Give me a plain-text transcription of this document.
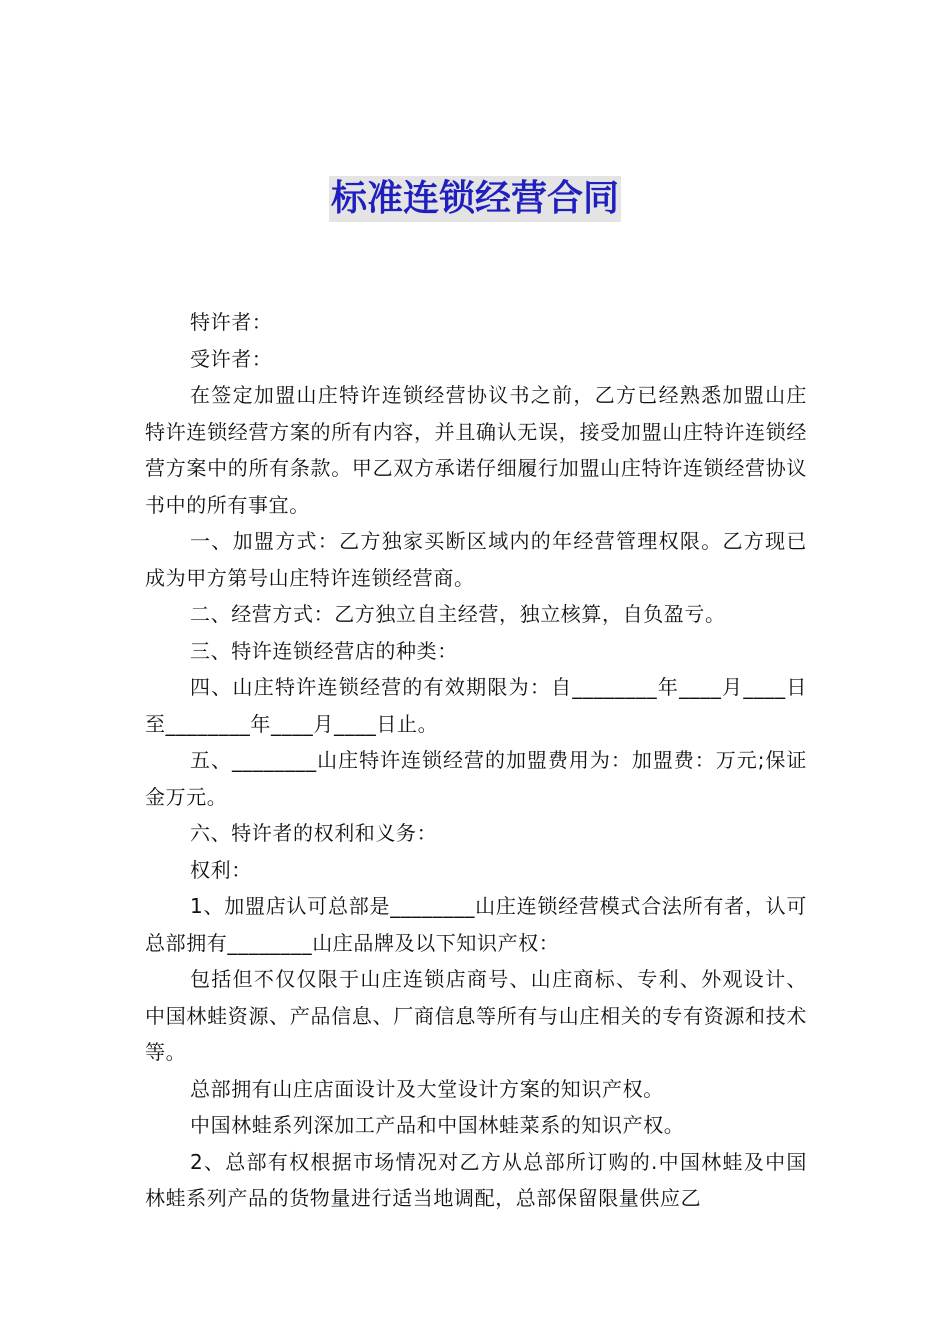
标准连锁经营合同

特许者：

受许者：

在签定加盟山庄特许连锁经营协议书之前，乙方已经熟悉加盟山庄特许连锁经营方案的所有内容，并且确认无误，接受加盟山庄特许连锁经营方案中的所有条款。甲乙双方承诺仔细履行加盟山庄特许连锁经营协议书中的所有事宜。

一、加盟方式：乙方独家买断区域内的年经营管理权限。乙方现已成为甲方第号山庄特许连锁经营商。

二、经营方式：乙方独立自主经营，独立核算，自负盈亏。

三、特许连锁经营店的种类：

四、山庄特许连锁经营的有效期限为：自________年____月____日至________年____月____日止。

五、________山庄特许连锁经营的加盟费用为：加盟费：万元;保证金万元。

六、特许者的权利和义务：

权利：

1、加盟店认可总部是________山庄连锁经营模式合法所有者，认可总部拥有________山庄品牌及以下知识产权：

包括但不仅仅限于山庄连锁店商号、山庄商标、专利、外观设计、中国林蛙资源、产品信息、厂商信息等所有与山庄相关的专有资源和技术等。

总部拥有山庄店面设计及大堂设计方案的知识产权。

中国林蛙系列深加工产品和中国林蛙菜系的知识产权。

2、总部有权根据市场情况对乙方从总部所订购的.中国林蛙及中国林蛙系列产品的货物量进行适当地调配，总部保留限量供应乙
